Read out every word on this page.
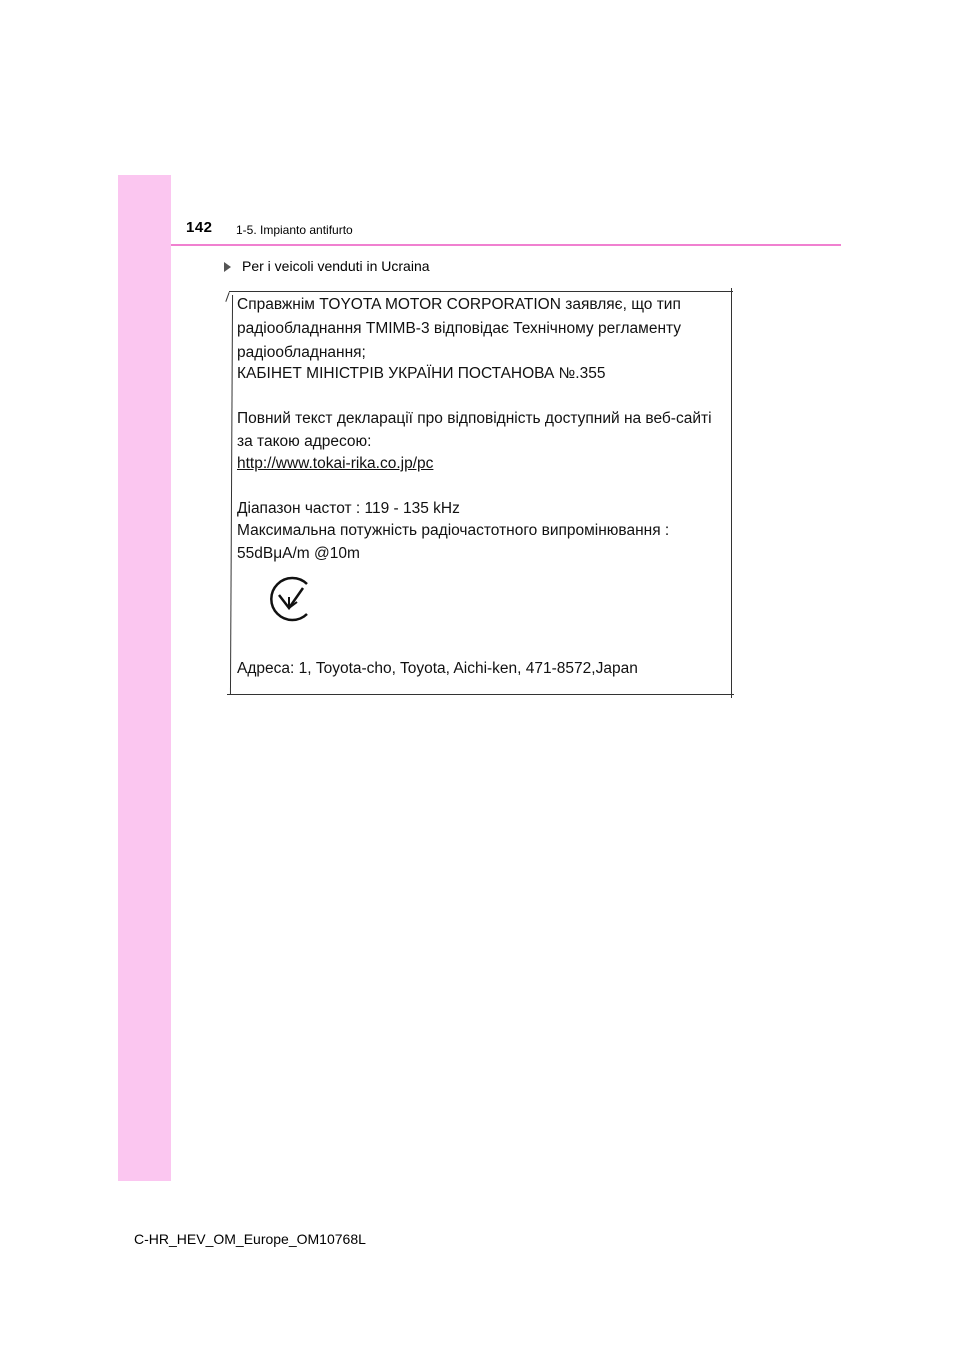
142 1-5. Impianto antifurto
Per i veicoli venduti in Ucraina
Справжнім TOYOTA MOTOR CORPORATION заявляє, що тип
радіообладнання TMIMB-3 відповідає Технічному регламенту
радіообладнання;
КАБІНЕТ МІНІСТРІВ УКРАЇНИ ПОСТАНОВА №.355
Повний текст декларації про відповідність доступний на веб-сайті
за такою адресою:
http://www.tokai-rika.co.jp/pc
Діапазон частот : 119 - 135 kHz
Максимальна потужність радіочастотного випромінювання :
55dBμA/m @10m
Адреса: 1, Toyota-cho, Toyota, Aichi-ken, 471-8572,Japan
C-HR_HEV_OM_Europe_OM10768L
